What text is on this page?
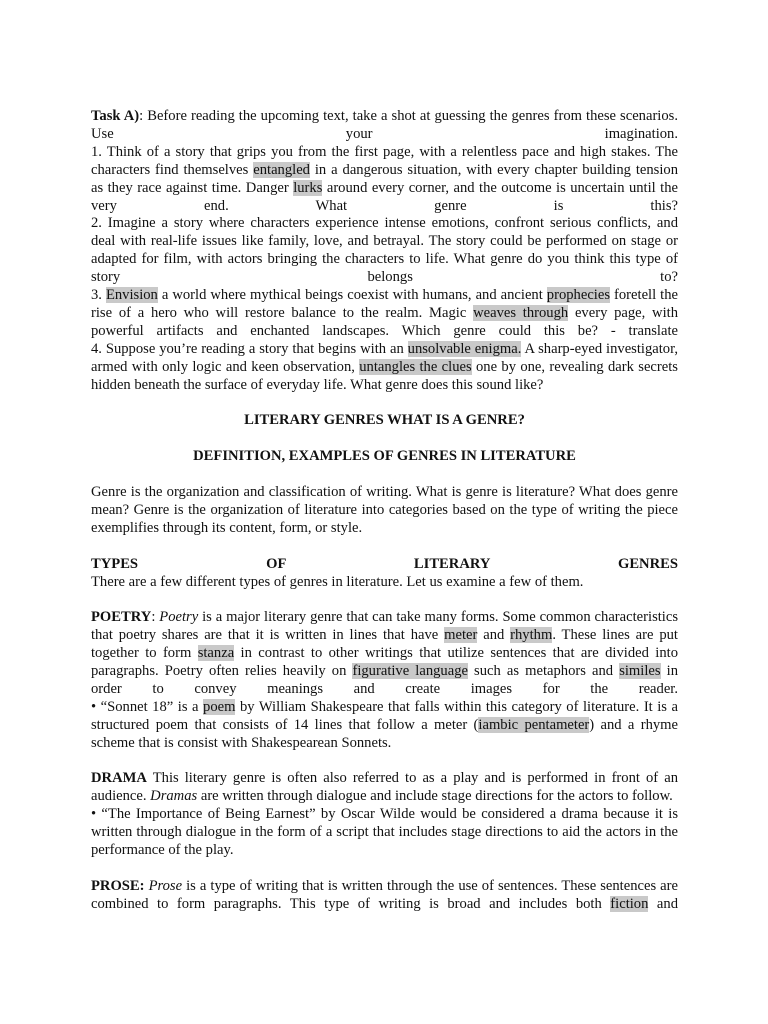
Task A): Before reading the upcoming text, take a shot at guessing the genres from these scenarios. Use your imagination.

1. Think of a story that grips you from the first page, with a relentless pace and high stakes. The characters find themselves entangled in a dangerous situation, with every chapter building tension as they race against time. Danger lurks around every corner, and the outcome is uncertain until the very end. What genre is this?

2. Imagine a story where characters experience intense emotions, confront serious conflicts, and deal with real-life issues like family, love, and betrayal. The story could be performed on stage or adapted for film, with actors bringing the characters to life. What genre do you think this type of story belongs to?

3. Envision a world where mythical beings coexist with humans, and ancient prophecies foretell the rise of a hero who will restore balance to the realm. Magic weaves through every page, with powerful artifacts and enchanted landscapes. Which genre could this be? - translate

4. Suppose you’re reading a story that begins with an unsolvable enigma. A sharp-eyed investigator, armed with only logic and keen observation, untangles the clues one by one, revealing dark secrets hidden beneath the surface of everyday life. What genre does this sound like?

LITERARY GENRES WHAT IS A GENRE?

DEFINITION, EXAMPLES OF GENRES IN LITERATURE

Genre is the organization and classification of writing. What is genre is literature? What does genre mean? Genre is the organization of literature into categories based on the type of writing the piece exemplifies through its content, form, or style.

TYPES OF LITERARY GENRES

There are a few different types of genres in literature. Let us examine a few of them.

POETRY: Poetry is a major literary genre that can take many forms. Some common characteristics that poetry shares are that it is written in lines that have meter and rhythm. These lines are put together to form stanza in contrast to other writings that utilize sentences that are divided into paragraphs. Poetry often relies heavily on figurative language such as metaphors and similes in order to convey meanings and create images for the reader.

• “Sonnet 18” is a poem by William Shakespeare that falls within this category of literature. It is a structured poem that consists of 14 lines that follow a meter (iambic pentameter) and a rhyme scheme that is consist with Shakespearean Sonnets.

DRAMA This literary genre is often also referred to as a play and is performed in front of an audience. Dramas are written through dialogue and include stage directions for the actors to follow.

• “The Importance of Being Earnest” by Oscar Wilde would be considered a drama because it is written through dialogue in the form of a script that includes stage directions to aid the actors in the performance of the play.

PROSE: Prose is a type of writing that is written through the use of sentences. These sentences are combined to form paragraphs. This type of writing is broad and includes both fiction and
